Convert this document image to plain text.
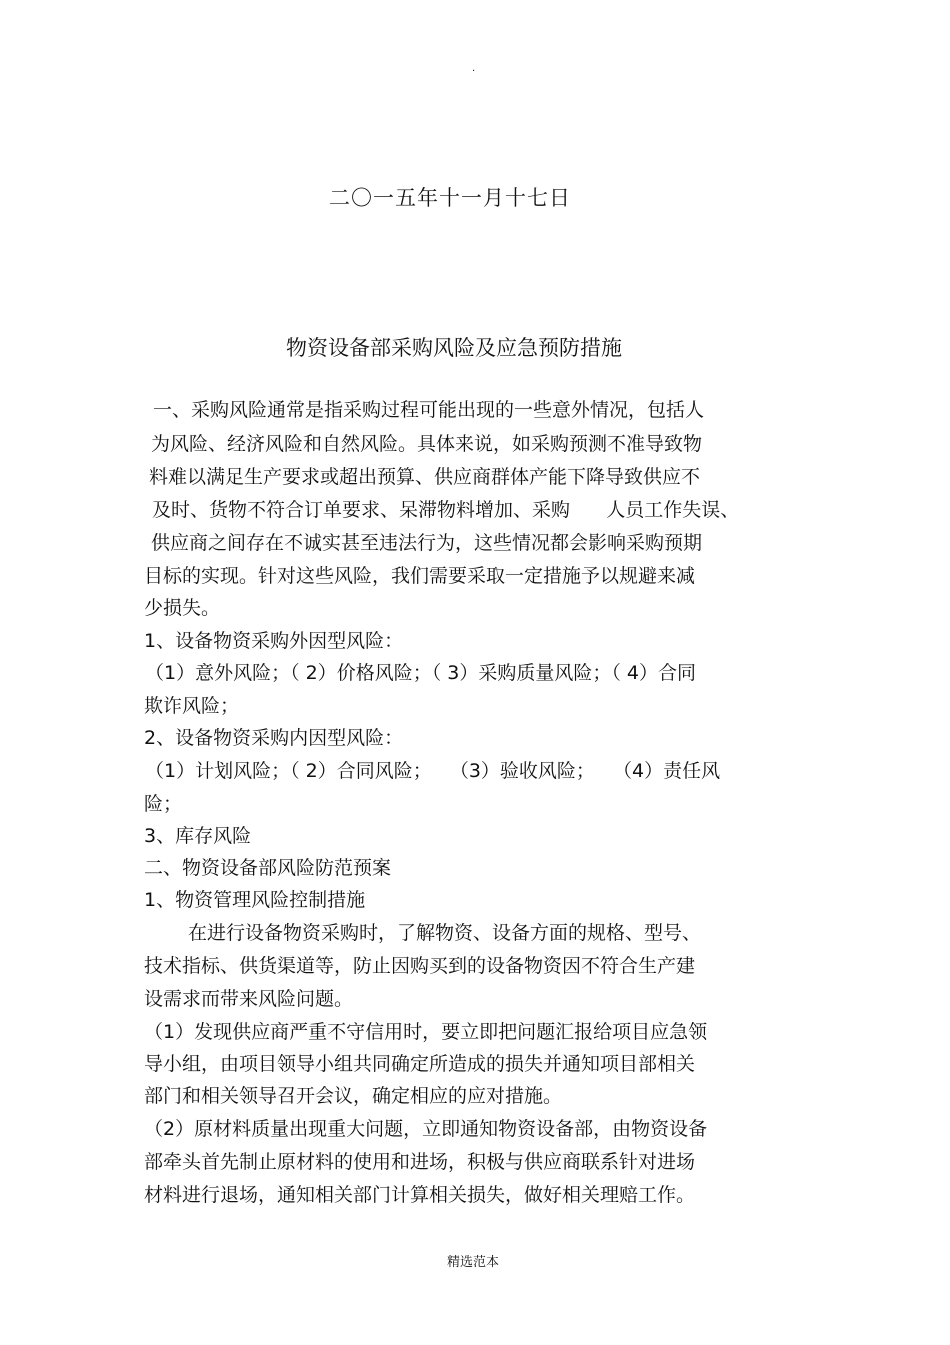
.
二〇一五年十一月十七日
物资设备部采购风险及应急预防措施
一、采购风险通常是指采购过程可能出现的一些意外情况，包括人
为风险、经济风险和自然风险。具体来说，如采购预测不准导致物
料难以满足生产要求或超出预算、供应商群体产能下降导致供应不
及时、货物不符合订单要求、呆滞物料增加、采购      人员工作失误、
供应商之间存在不诚实甚至违法行为，这些情况都会影响采购预期
目标的实现。针对这些风险，我们需要采取一定措施予以规避来减
少损失。
1、设备物资采购外因型风险：
（1）意外风险；（ 2）价格风险；（ 3）采购质量风险；（ 4）合同
欺诈风险；
2、设备物资采购内因型风险：
（1）计划风险；（ 2）合同风险；   （3）验收风险；   （4）责任风
险；
3、库存风险
二、物资设备部风险防范预案
1、物资管理风险控制措施
在进行设备物资采购时，了解物资、设备方面的规格、型号、
技术指标、供货渠道等，防止因购买到的设备物资因不符合生产建
设需求而带来风险问题。
（1）发现供应商严重不守信用时，要立即把问题汇报给项目应急领
导小组，由项目领导小组共同确定所造成的损失并通知项目部相关
部门和相关领导召开会议，确定相应的应对措施。
（2）原材料质量出现重大问题，立即通知物资设备部，由物资设备
部牵头首先制止原材料的使用和进场，积极与供应商联系针对进场
材料进行退场，通知相关部门计算相关损失，做好相关理赔工作。
精选范本
